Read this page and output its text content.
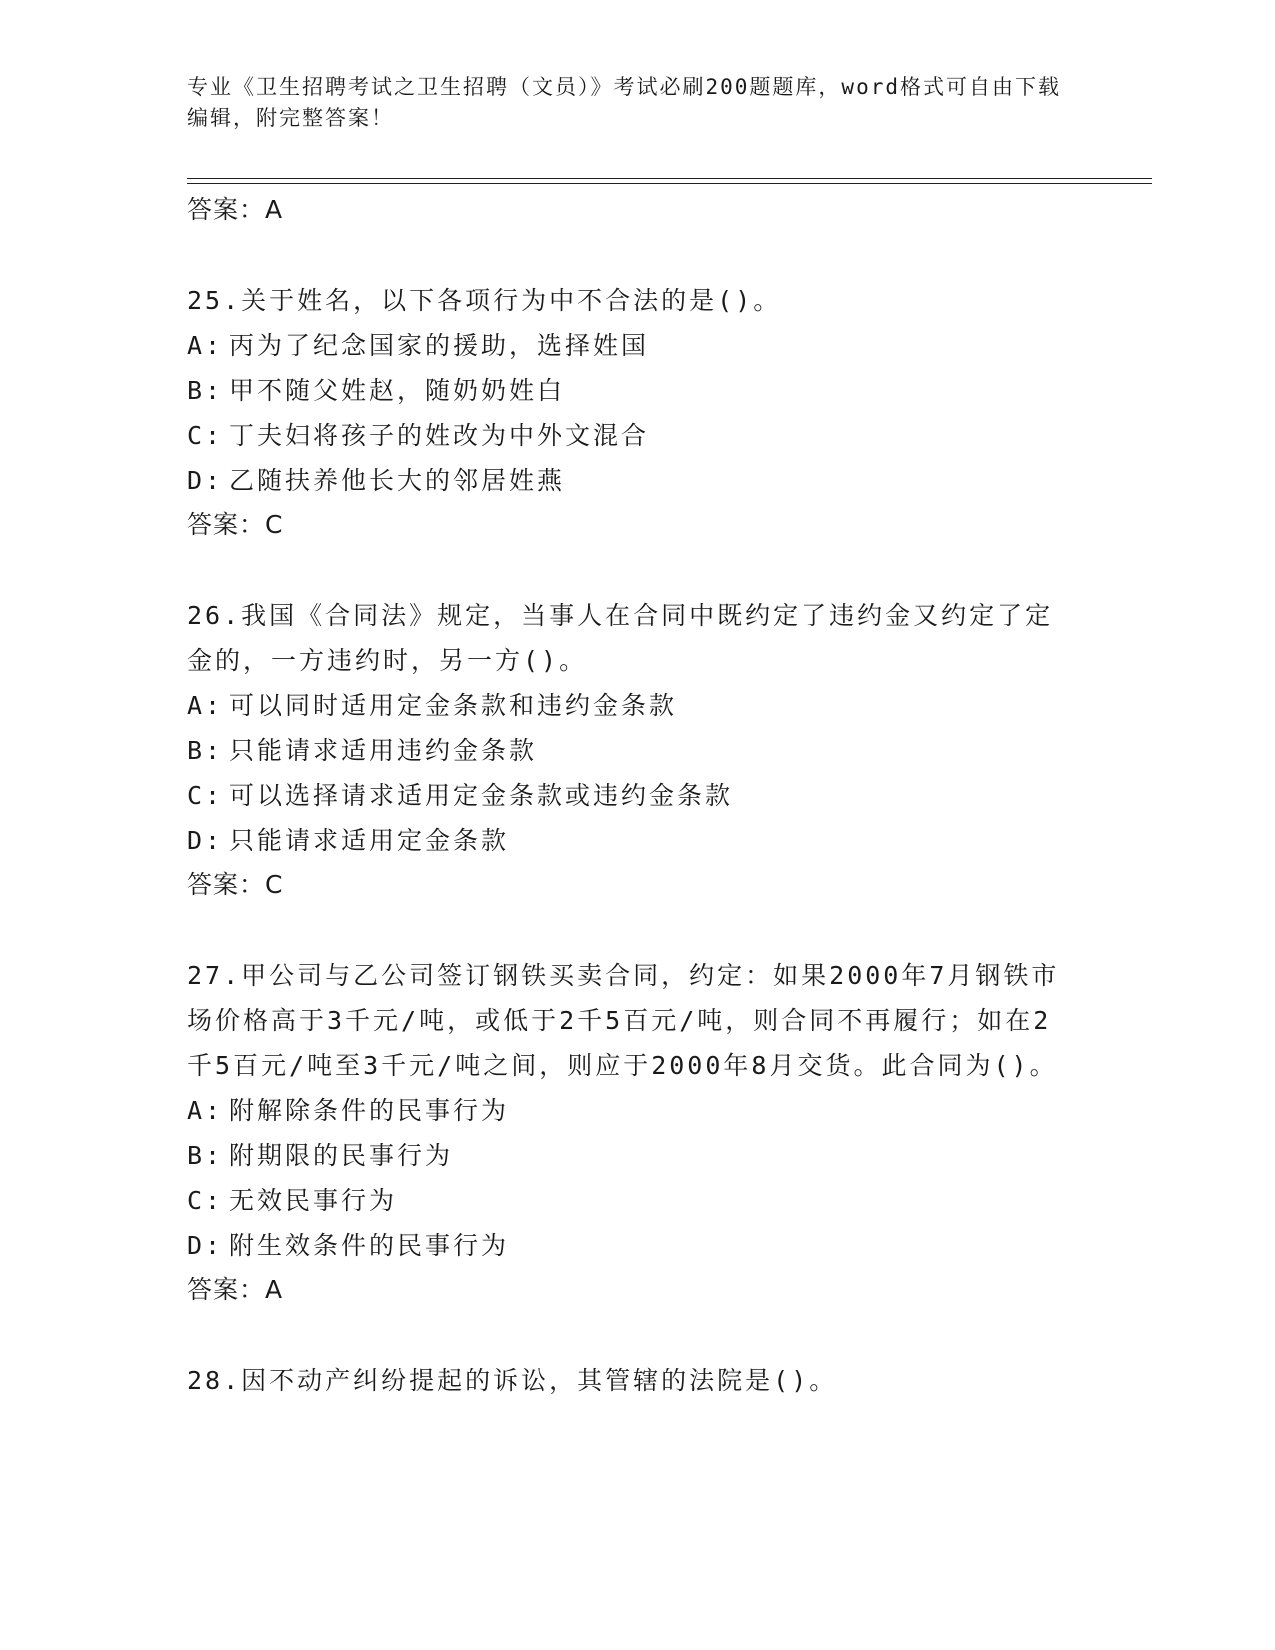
专业《卫生招聘考试之卫生招聘（文员）》考试必刷200题题库，word格式可自由下载编辑，附完整答案！
答案：A
25.关于姓名，以下各项行为中不合法的是()。
A: 丙为了纪念国家的援助，选择姓国
B: 甲不随父姓赵，随奶奶姓白
C: 丁夫妇将孩子的姓改为中外文混合
D: 乙随扶养他长大的邻居姓燕
答案：C
26.我国《合同法》规定，当事人在合同中既约定了违约金又约定了定金的，一方违约时，另一方()。
A: 可以同时适用定金条款和违约金条款
B: 只能请求适用违约金条款
C: 可以选择请求适用定金条款或违约金条款
D: 只能请求适用定金条款
答案：C
27.甲公司与乙公司签订钢铁买卖合同，约定：如果2000年7月钢铁市场价格高于3千元/吨，或低于2千5百元/吨，则合同不再履行；如在2千5百元/吨至3千元/吨之间，则应于2000年8月交货。此合同为()。
A: 附解除条件的民事行为
B: 附期限的民事行为
C: 无效民事行为
D: 附生效条件的民事行为
答案：A
28.因不动产纠纷提起的诉讼，其管辖的法院是()。
